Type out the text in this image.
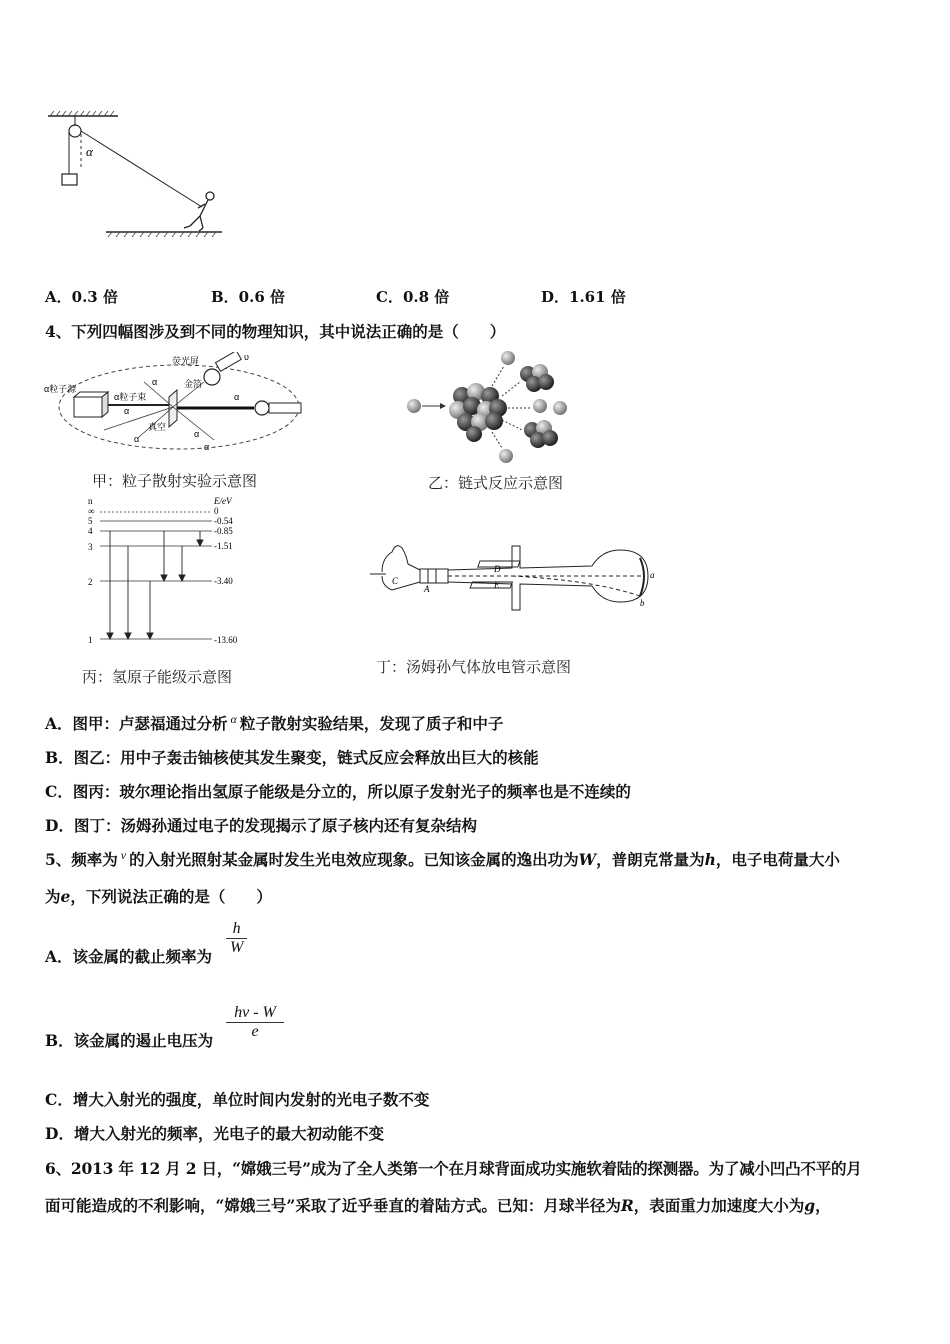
α
A．0.3 倍	B．0.6 倍	C．0.8 倍	D．1.61 倍
4、下列四幅图涉及到不同的物理知识，其中说法正确的是（　　）
α粒子源
荧光屏
α粒子束
金箔
真空
α
α
α	α
α
α
υ
甲：粒子散射实验示意图	乙：链式反应示意图
n	E/eV
∞	0
5	-0.54
4	-0.85
3	-1.51
2	-3.40
1	-13.60
丙：氢原子能级示意图
C
A
D
E
a
b
丁：汤姆孙气体放电管示意图
A．图甲：卢瑟福通过分析 $^\alpha$ 粒子散射实验结果，发现了质子和中子
B．图乙：用中子轰击铀核使其发生聚变，链式反应会释放出巨大的核能
C．图丙：玻尔理论指出氢原子能级是分立的，所以原子发射光子的频率也是不连续的
D．图丁：汤姆孙通过电子的发现揭示了原子核内还有复杂结构
5、频率为 $^\nu$ 的入射光照射某金属时发生光电效应现象。已知该金属的逸出功为W，普朗克常量为h，电子电荷量大小
为e，下列说法正确的是（　　）
A．该金属的截止频率为 $\frac{h}{W}$
B．该金属的遏止电压为 $\frac{h\nu - W}{e}$
C．增大入射光的强度，单位时间内发射的光电子数不变
D．增大入射光的频率，光电子的最大初动能不变
6、2013 年 12 月 2 日，“嫦娥三号”成为了全人类第一个在月球背面成功实施软着陆的探测器。为了减小凹凸不平的月
面可能造成的不利影响，“嫦娥三号”采取了近乎垂直的着陆方式。已知：月球半径为R，表面重力加速度大小为g，
